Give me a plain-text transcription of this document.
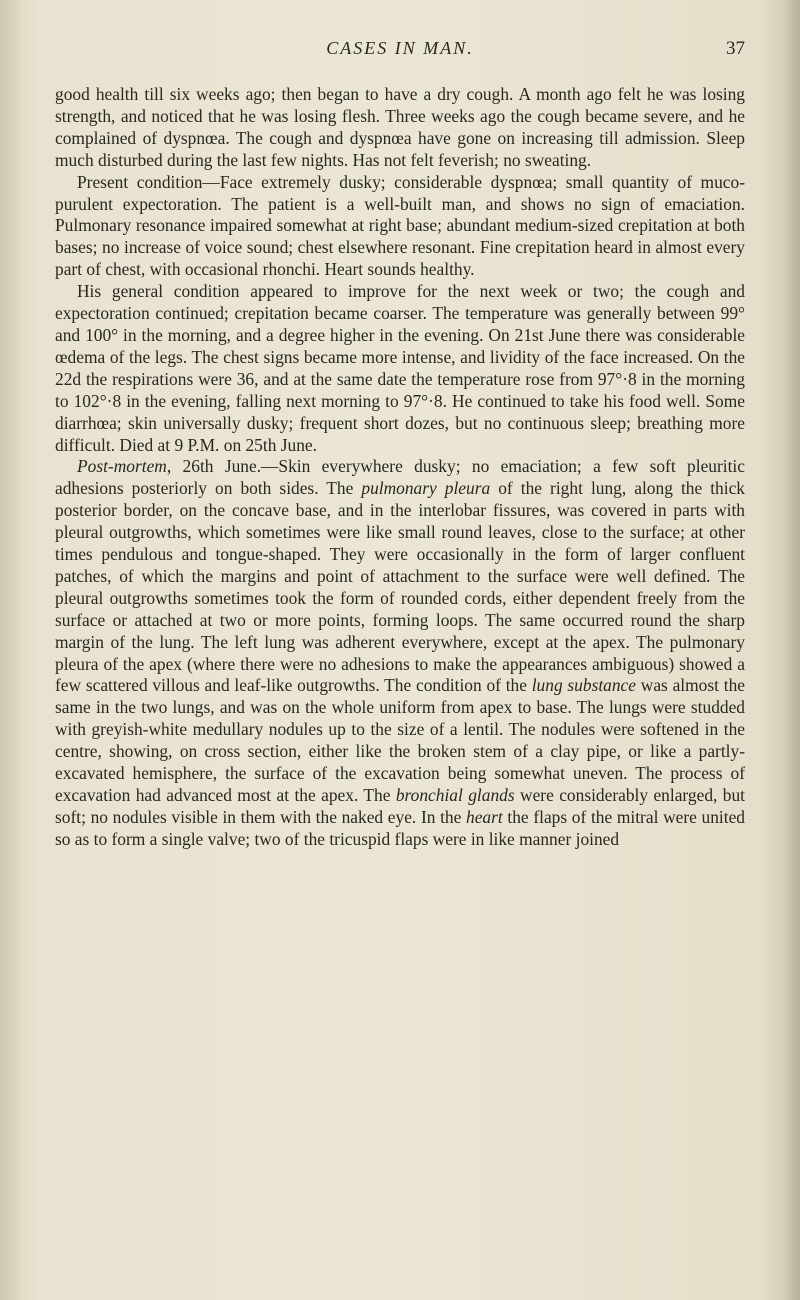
CASES IN MAN.	37

good health till six weeks ago; then began to have a dry cough. A month ago felt he was losing strength, and noticed that he was losing flesh. Three weeks ago the cough became severe, and he complained of dyspnœa. The cough and dyspnœa have gone on increasing till admission. Sleep much disturbed during the last few nights. Has not felt feverish; no sweating.

Present condition—Face extremely dusky; considerable dyspnœa; small quantity of muco-purulent expectoration. The patient is a well-built man, and shows no sign of emaciation. Pulmonary resonance impaired somewhat at right base; abundant medium-sized crepitation at both bases; no increase of voice sound; chest elsewhere resonant. Fine crepitation heard in almost every part of chest, with occasional rhonchi. Heart sounds healthy.

His general condition appeared to improve for the next week or two; the cough and expectoration continued; crepitation became coarser. The temperature was generally between 99° and 100° in the morning, and a degree higher in the evening. On 21st June there was considerable œdema of the legs. The chest signs became more intense, and lividity of the face increased. On the 22d the respirations were 36, and at the same date the temperature rose from 97°·8 in the morning to 102°·8 in the evening, falling next morning to 97°·8. He continued to take his food well. Some diarrhœa; skin universally dusky; frequent short dozes, but no continuous sleep; breathing more difficult. Died at 9 P.M. on 25th June.

Post-mortem, 26th June.—Skin everywhere dusky; no emaciation; a few soft pleuritic adhesions posteriorly on both sides. The pulmonary pleura of the right lung, along the thick posterior border, on the concave base, and in the interlobar fissures, was covered in parts with pleural outgrowths, which sometimes were like small round leaves, close to the surface; at other times pendulous and tongue-shaped. They were occasionally in the form of larger confluent patches, of which the margins and point of attachment to the surface were well defined. The pleural outgrowths sometimes took the form of rounded cords, either dependent freely from the surface or attached at two or more points, forming loops. The same occurred round the sharp margin of the lung. The left lung was adherent everywhere, except at the apex. The pulmonary pleura of the apex (where there were no adhesions to make the appearances ambiguous) showed a few scattered villous and leaf-like outgrowths. The condition of the lung substance was almost the same in the two lungs, and was on the whole uniform from apex to base. The lungs were studded with greyish-white medullary nodules up to the size of a lentil. The nodules were softened in the centre, showing, on cross section, either like the broken stem of a clay pipe, or like a partly-excavated hemisphere, the surface of the excavation being somewhat uneven. The process of excavation had advanced most at the apex. The bronchial glands were considerably enlarged, but soft; no nodules visible in them with the naked eye. In the heart the flaps of the mitral were united so as to form a single valve; two of the tricuspid flaps were in like manner joined
